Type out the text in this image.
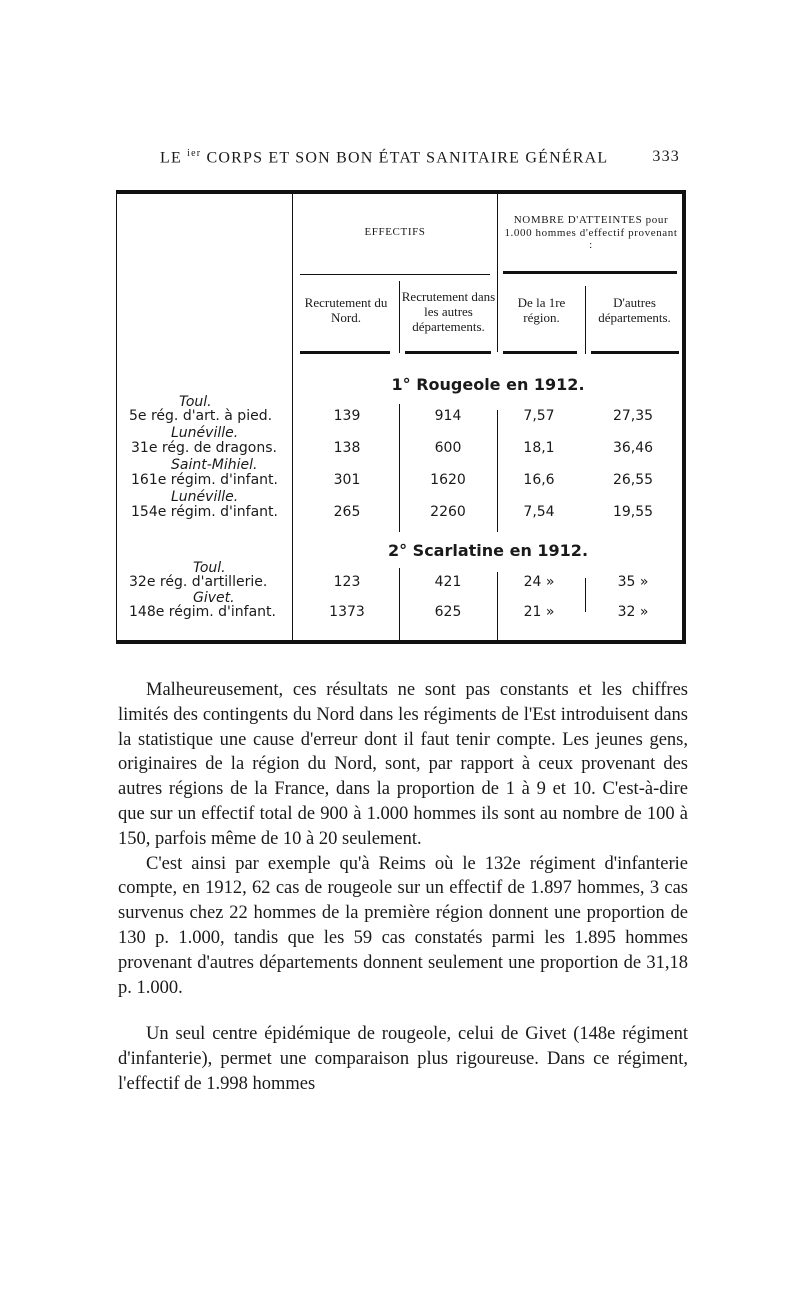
LE $^{ier}$ CORPS ET SON BON ÉTAT SANITAIRE GÉNÉRAL	333
EFFECTIFS
NOMBRE D'ATTEINTES pour 1.000 hommes d'effectif provenant :
Recrutement du Nord.
Recrutement dans les autres départements.
De la 1re région.
D'autres départements.
1° Rougeole en 1912.
Toul.
5e rég. d'art. à pied.	139	914	7,57	27,35
Lunéville.
31e rég. de dragons.	138	600	18,1	36,46
Saint-Mihiel.
161e régim. d'infant.	301	1620	16,6	26,55
Lunéville.
154e régim. d'infant.	265	2260	7,54	19,55
2° Scarlatine en 1912.
Toul.
32e rég. d'artillerie.	123	421	24 »	35 »
Givet.
148e régim. d'infant.	1373	625	21 »	32 »

Malheureusement, ces résultats ne sont pas constants et les chiffres limités des contingents du Nord dans les régiments de l'Est introduisent dans la statistique une cause d'erreur dont il faut tenir compte. Les jeunes gens, originaires de la région du Nord, sont, par rapport à ceux provenant des autres régions de la France, dans la proportion de 1 à 9 et 10. C'est-à-dire que sur un effectif total de 900 à 1.000 hommes ils sont au nombre de 100 à 150, parfois même de 10 à 20 seulement.

C'est ainsi par exemple qu'à Reims où le 132e régiment d'infanterie compte, en 1912, 62 cas de rougeole sur un effectif de 1.897 hommes, 3 cas survenus chez 22 hommes de la première région donnent une proportion de 130 p. 1.000, tandis que les 59 cas constatés parmi les 1.895 hommes provenant d'autres départements donnent seulement une proportion de 31,18 p. 1.000.

Un seul centre épidémique de rougeole, celui de Givet (148e régiment d'infanterie), permet une comparaison plus rigoureuse. Dans ce régiment, l'effectif de 1.998 hommes
